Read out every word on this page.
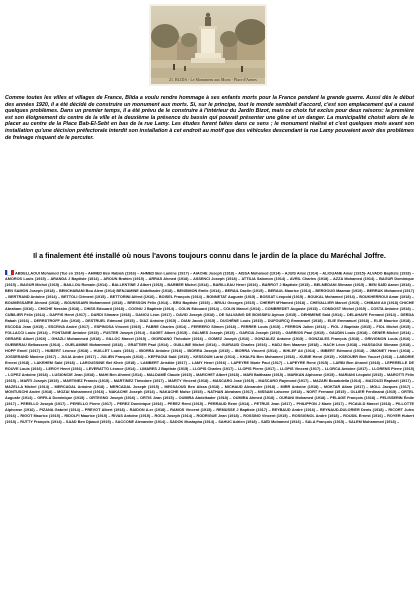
21. BLIDA - Le Monument aux Morts - Place d'Armes
Comme toutes les villes et villages de France, Blida a voulu rendre hommage à ses enfants morts pour la France pendant la grande guerre. Aussi dès le début des années 1920, il a été décidé de construire un monument aux morts. Si, sur le principe, tout le monde semblait d'accord, c'est son emplacement qui a causé quelques problèmes. Dans un premier temps, il a été prévu de le construire à l'intérieur du Jardin Bizot, mais ce choix fut exclus pour deux raisons: la première est son éloignement du centre de la ville et la deuxième la présence du bassin qui pouvait présenter une gêne et un danger. La municipalité choisit alors de le placer au centre de la Place Bab-El-Sebt en bas de la rue Lamy. Les études furent faites dans ce sens ; le monument réalisé et c'est quelques mois avant son installation qu'une décision préfectorale interdit son installation à cet endroit au motif que des véhicules descendant la rue Lamy pouvaient avoir des problèmes de freinage risquant de le percuter.
Il a finalement été installé où nous l'avons toujours connu dans le jardin de la place du Maréchal Joffre.
ABDELLAOUI Mohamed (Tué en 1914) – AHMED Ben Rabiah (1916) – AHMED Ben Lamine (1917) – AIACHE Joseph (1918) – AISSA Mohamed (1914) – AJUIS Aimé (1914) – ALIOUANE Amar (1915)- ALVADO Baptiste (1918) – AMOROS Louis (1915) – ARANDA J Baptiste (1914) – AROUN Brahim (1915) – ARRAS Ahmed (1918) – ASSENCI Joseph (1918) – ATTILIA Salomon (1914) – AVRIL Charles (1918) – AZZA Mohamed (1914) – BAGUR Dominique (1915) – BAGUR Michel (1915) – BAILLOU Romain (1914) – BALLENTINE J Albert (1915) – BARBER Michel (1914) – BARILLEAU Henri (1916) – BARROT J Baptiste (1915) – BELMEDANI Slimane (1915) – BEN SAÏD Aaron (1918) – BEN SAMON Joseph (1918) – BENCHABANI Bou Alem (1914) BENJAMINE Abdelkader (1918) – BENSIMON Emile (1914) – BERAIL Daclin (1915) – BERAUL Maurice (1914) – BERGOUG Maamar (1919) – BERRAK Mohamed (1917) – BERTRAND Antoine (1914) – BETTOLI Clément (1915) – BETTORINI Alfred (1916) – BOISEL François (1914) – BONNETAT Auguste (1915) – BOSSAT Léopold (1915) – BOUKAL Mohamed (1914) – BOUKHERROUI Amar (1918) – BOUMESSAÏRE Ahmed (1918) – BOUNSSAIRI Mohammed (1918) – BRESSON Félix (1914) – BRU Baptiste (1915) – BRULI Georges (1915) – CHERIFI M'Hamed (1918) – CHEVALLIER Marcel (1915) – CHIBANI Ali (1918) CHICHE Abraham (1916) – CHICHE Nessim (1918) – CHISS Edouard (1918) – COGNU J Baptiste (1914) – COLIN Edouard (1914) – COLIN Marcel (1914) – COMBREDET Auguste (1915) – CONDOST Michel (1915) – COSTA Antoine (1918) – CUBILIER Félix (1914) – DAFFIS Henri (1917) – DARDI Slimane (1918) – DANCU Léon (1917) – DAVID Joseph (1918) – DE SALVAING DE BOISSIEU Aymon (1915) – DEHIMENE Saïd (1914) – DELAHAYE Fernand (1914) – DERDA Rabah (1916) – DERRSTROFF Alix (1916) – DESTRUEL Edmond (1915) – DIAZ Antoine (1915) – DIAN Jacob (1915) – DUCHÊNE Louis (1915) – DUFOURCQ Emmanuel (1918) – ELIE Emmanuel (1918) – ELIE Maurice (1918) – ESCODA Jean (1915) – ESCRIVA André (1917) – ESPINOSA Vincent (1915) – FABRE Charles (1914) – FERRERO Slimen (1918) – FERRER Louis (1915) – FERRON Julien (1914) – FIOL J Baptiste (1915) – FIOL Michel (1915) – FOLLACCI Louis (1914) – FONTAINE Antoine (1915) – FUSTER Joseph (1914) – GAGET Albert (1915) – GALMES Joseph (1915) – GARCIA Joseph (1915) – GARRIOS Paul (1915) – GAUDIN Louis (1918) – GENER Michel (1914) – GERARD Albert (1916) – GHAZLI Mohammed (1918) – GILLOC Marcel (1915) – GIORDANO Théodule (1916) – GOMEZ Joseph (1916) – GONZALEZ Antoine (1915) – GONZALES François (1918) – GRIVIGNON Louis (1916) – GUEBERAU Belkassem (1914) – GUELAMINE Mohammed (1918) – GRATTIER Paul (1914) – GUILLINE Michel (1914) – GUIRAUD Charles (1916) – HADJ Ben Maamer (1918) – HACH Léon (1918) – HASSAOUI Slimane (1918) – HOPP Emeil (1917) – HUBERT Léonce (1918) – HUILLET Louis (1914) – IBORRA Antoine (1916) – IBORRA Joseph (1915) – IBORRA Vincent (1914) – IKHLEF Ali (1914) – IMBERT Edmond (1918) – JIMONET Henri (1918) – JOSSERAND Maxime (1917) – JULIA André (1917) – JULIEN François (1916) – KEFFAOUI Saïd (1915) – KESSOUM Larbi (1914) – KHALFA Ben Mohamed (1918) – KUBIE Henri (1915) – KSEOUER Ben Youcef (1918) – LABORIE Ernest (1918) – LAKEHEM Saïd (1918) – LAROUSSINE Bel Kheir (1918) – LAMBERT Aristide (1917) – LAMY Henri (1916) – LAPEYRE Marie Paul (1917) – LAPEYRE René (1915) – LARBI Ben Ahmed (1918) – LEPERELLE DE ROUVE Louis (1916) – LEROY Henri (1916) – LEVERATTO Léonce (1914) – LIMARES J Baptiste (1915) – LLOPIS Charles (1917) – LLOPIS Pierre (1917) – LLOPIS Vincent (1917) – LLORCA Antoine (1917) – LLORENS Pierre (1915) – LOPEZ Antoine (1918) – LUSIONCIE Jean (1918) – MAHI Ben Ahmed (1914) – MALDAMÉ Claude (1915) – MARCHET Albert (1918) – MARI Balthazar (1915) – MARKAN Alphonse (1915) – MARIANI Léopold (1915) – MAROTTI Félix (1915) – MARTI Joseph (1915) – MARTINEZ Francis (1915) – MARTINEZ Théodore (1917) – MARTY Vincent (1918) – MASCARO José (1915) – MASCARO Raymond (1917) – MAZARI Bouabdella (1914) – MAZOUZI Raphaël (1917) – MAZELLA Michel (1914) – MERCADAL Antoine (1918) – MERCADAL Joseph (1915) – MESSAOUD Ben Aïssa (1918) – MICHAUD Alexandre (1918) – MIRR Antoine (1918) – MOKTAR Allam (1917) – MOLL Jacques (1917) – MONTUSCHI André (1918) – MOZAI Mohammed (1916) – NAKACHE Joseph (1914) – NAKACHE Moïse (1915) – NATHAN Abraham (1917) – NISSAM Lahcene (1918) – NORT Fernand (1915) – OLLIER Ferdinand (1915) – ORTEL Auguste (1914) – ORFILA Dominique (1915) – ORTEGNO Joseph (1916) – ORTIS Jean (1915) – OUMIRA Abdelkader (1918) – OUMIRA Ahmed (1918) – OURANI Mohamed (1918) – PELAGE François (1918) – PELISSERIN Émile (1917) – PERELLO Joseph (1917) – PERELLO Pierre (1917) – PEREZ Dominique (1916) – PEREZ Remi (1915) – PERRAUD René (1914) – PETRUS Jean (1917) – PHILIPPON J Marie (1917) – PICAULD Marcel (1918) – PILLOTTE Alphonse (1916) – PIZANA Gabriel (1914) – PREVOT Albert (1918) – RAIDON A.er (1918) – RAMOS Vincent (1915) – REMUSSE J Baptiste (1917) – REYBAUD André (1916) – REYNAUD-DULORIER Denis (1918) – RICORT Jules (1916) – RIGOT Mauricc (1915) – RIDOLFI Maurice (1915) – RIVAS Antoine (1915) – ROCA Joseph (1914) – RODRIGUE Jean (1918) – ROSSINO Vincent (1915) – ROSSIGNOL André (1918) – ROUDIL Ernest (1916) – ROYER Hubert (1918) – RUTTY François (1914) – SAAD Ben Djaoud (1915) – SACCONE Alexandre (1914) – SADOK Mustapha (1914) – SAHUC Adrien (1918) – SAÏD Mohamed (1916) – SALA François (1915) – SALEM Mohammed (1918) –
